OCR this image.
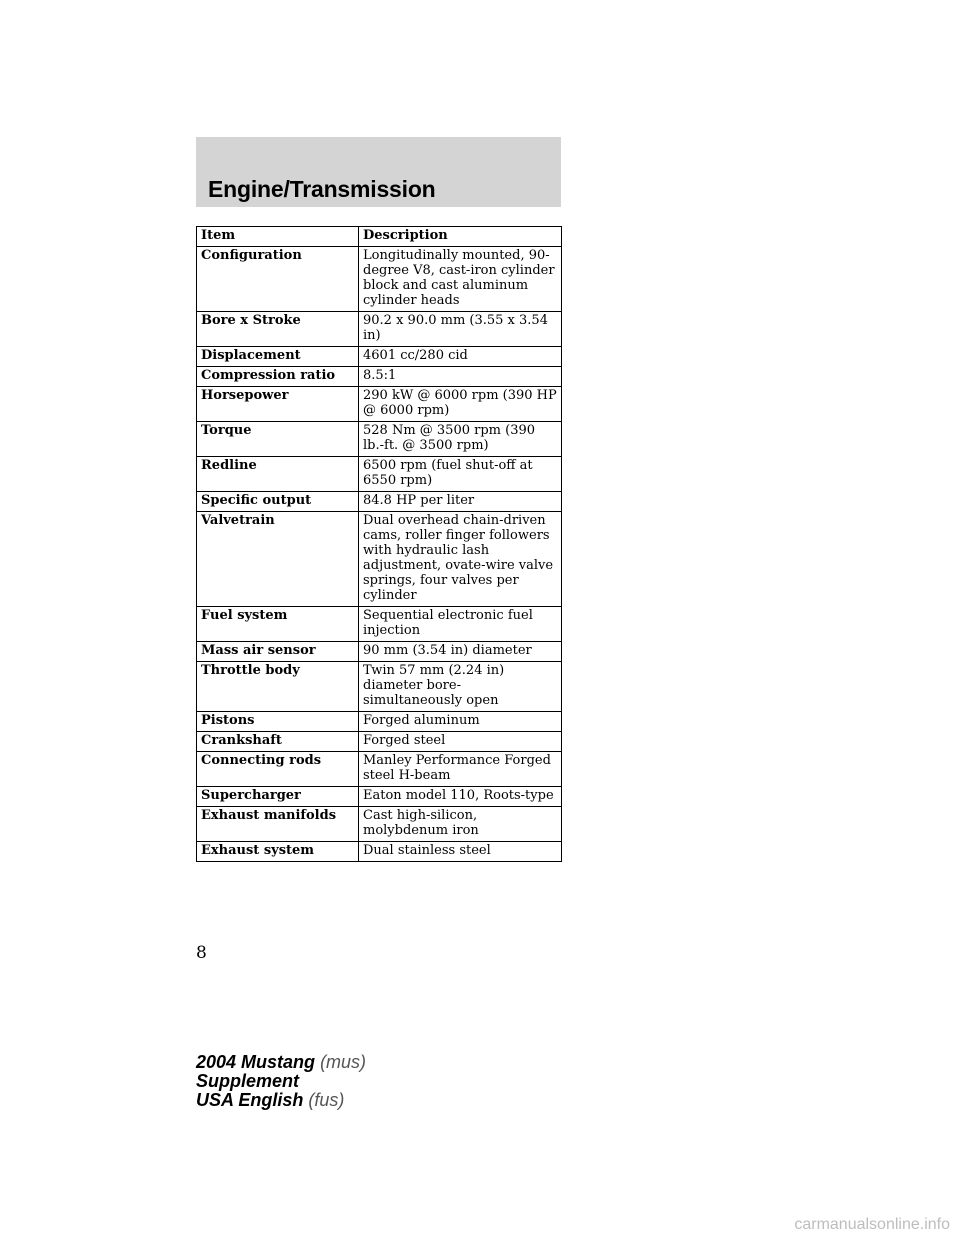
Engine/Transmission
Item	Description
Configuration	Longitudinally mounted, 90-degree V8, cast-iron cylinder block and cast aluminum cylinder heads
Bore x Stroke	90.2 x 90.0 mm (3.55 x 3.54 in)
Displacement	4601 cc/280 cid
Compression ratio	8.5:1
Horsepower	290 kW @ 6000 rpm (390 HP @ 6000 rpm)
Torque	528 Nm @ 3500 rpm (390 lb.-ft. @ 3500 rpm)
Redline	6500 rpm (fuel shut-off at 6550 rpm)
Specific output	84.8 HP per liter
Valvetrain	Dual overhead chain-driven cams, roller finger followers with hydraulic lash adjustment, ovate-wire valve springs, four valves per cylinder
Fuel system	Sequential electronic fuel injection
Mass air sensor	90 mm (3.54 in) diameter
Throttle body	Twin 57 mm (2.24 in) diameter bore-simultaneously open
Pistons	Forged aluminum
Crankshaft	Forged steel
Connecting rods	Manley Performance Forged steel H-beam
Supercharger	Eaton model 110, Roots-type
Exhaust manifolds	Cast high-silicon, molybdenum iron
Exhaust system	Dual stainless steel
8
2004 Mustang (mus)
Supplement
USA English (fus)
carmanualsonline.info
